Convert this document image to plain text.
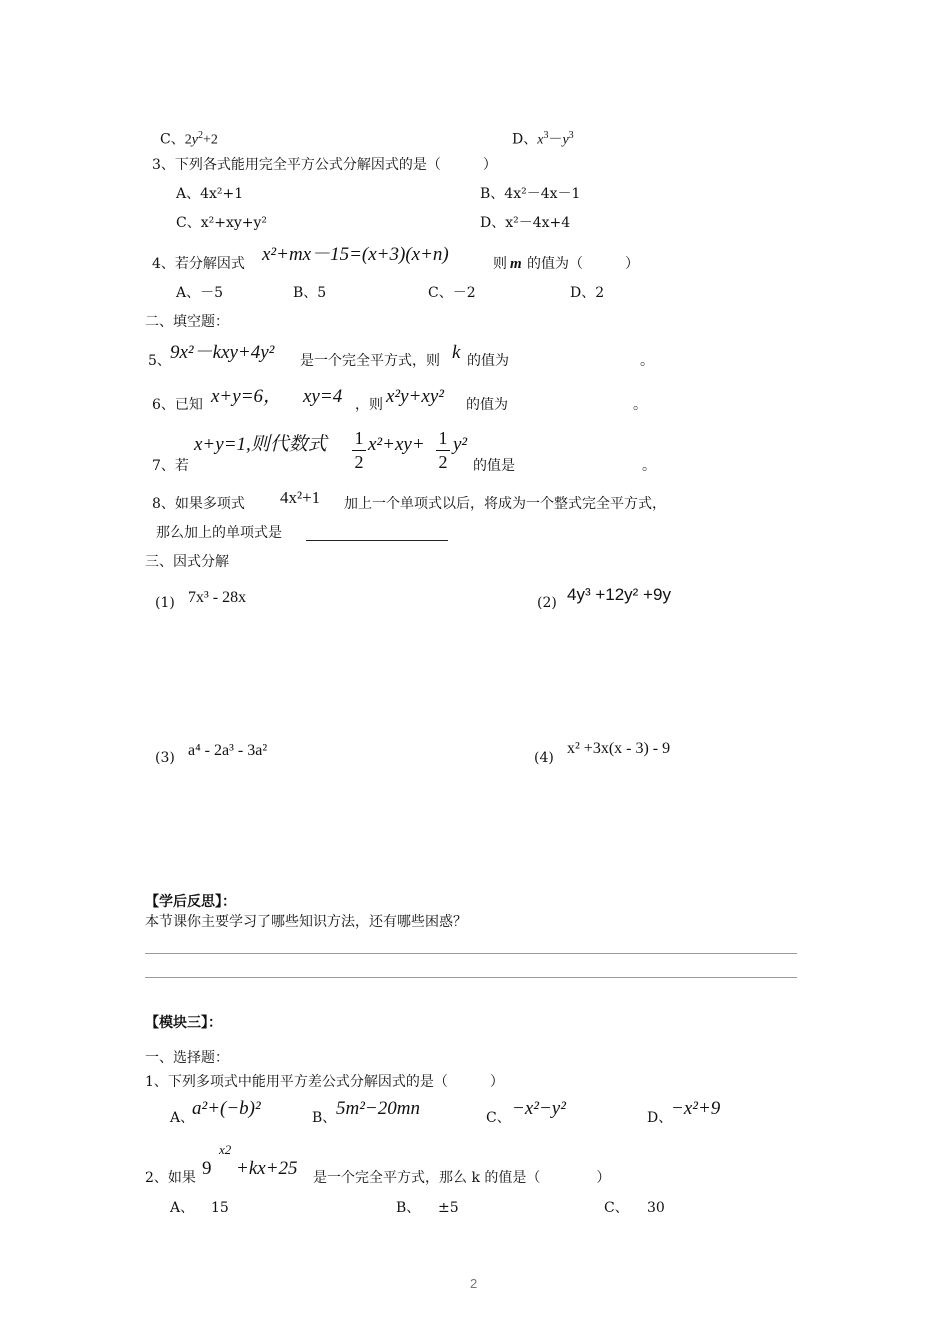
C、$2y^2+2$	D、$x^3-y^3$
3、下列各式能用完全平方公式分解因式的是（　　　）
A、4x²+1	B、4x²－4x－1
C、x²+xy+y²	D、x²－4x+4
4、若分解因式 x²+mx－15=(x+3)(x+n)	则 m 的值为（　　　）
A、－5	B、5	C、－2	D、2
二、填空题：
5、 9x²－kxy+4y² 是一个完全平方式，则 k 的值为	。
6、已知 x+y=6， xy=4 ，则 x²y+xy² 的值为	。
7、若
x+y=1,则代数式 1
2
x²+xy+ 1
2
y²
的值是	。
8、如果多项式 4x²+1 加上一个单项式以后，将成为一个整式完全平方式，
那么加上的单项式是
三、因式分解
(1) 7x³ - 28x	(2) 4y³ +12y² +9y
(3) a⁴ - 2a³ - 3a²	(4)
x² +3x(x - 3) - 9
【学后反思】：
本节课你主要学习了哪些知识方法，还有哪些困惑？
【模块三】：
一、选择题：
1、下列多项式中能用平方差公式分解因式的是（　　　）
A、
a²+(−b)²	B、 5m²−20mn	C、 −x²−y²	D、
−x²+9
2、如果 9
x2
+kx+25 是一个完全平方式，那么 k 的值是（　　　　）
A、 15	B、 ±5	C、 30
2
